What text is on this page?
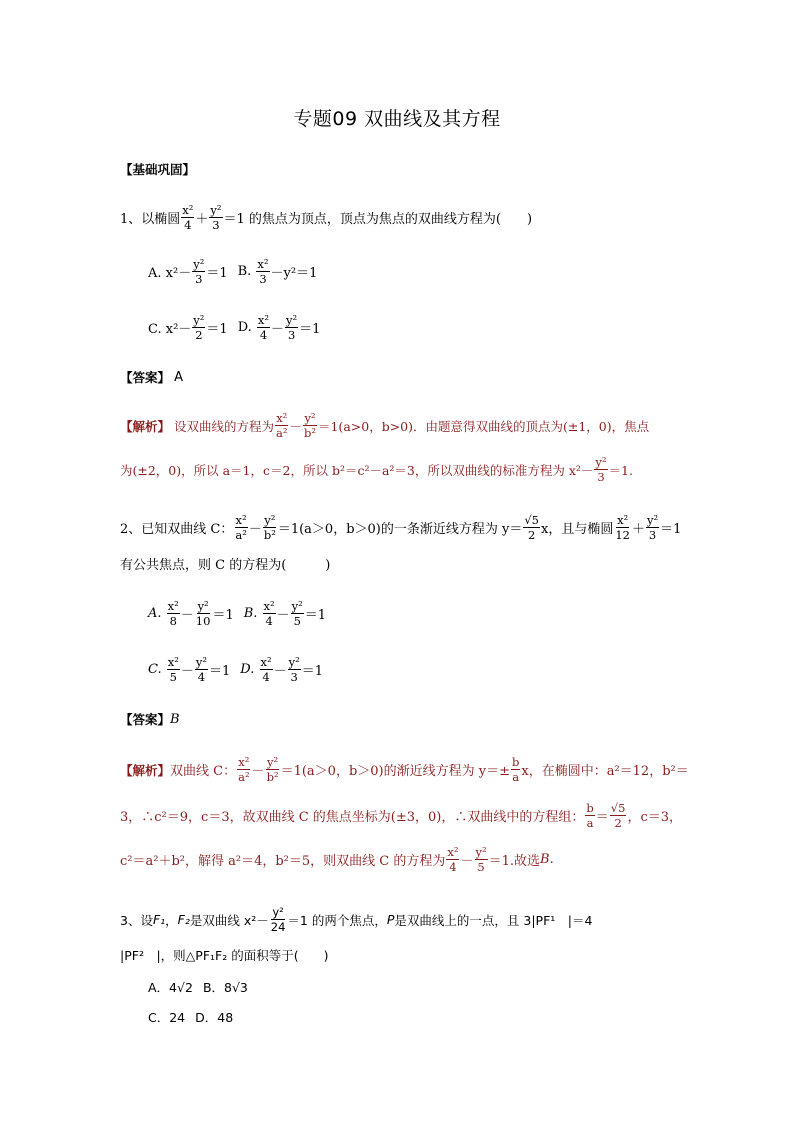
专题09 双曲线及其方程
【基础巩固】
1、以椭圆 $\frac{\text{x²}}{4} + \frac{\text{y²}}{3} =1$ 的焦点为顶点，顶点为焦点的双曲线方程为(　　)
A. $x^2- \frac{\text{y²}}{3} =1$ B.
$\frac{\text{x²}}{3} -y^2=1$
C. $x^2- \frac{\text{y²}}{2} =1$ D.
$\frac{\text{x²}}{4} - \frac{\text{y²}}{3} =1$
【答案】
A
【解析】
设双曲线的方程为 $\frac{\text{x²}}{\text{a²}} - \frac{\text{y²}}{\text{b²}} =1(a>0$，b>0)．由题意得双曲线的顶点为(±1，0)，焦点
为(±2，0)，所以 a＝1，c＝2，所以 b²＝c²－a²＝3，所以双曲线的标准方程为 $x^2- \frac{\text{y²}}{3} =1$.
2、已知双曲线 C： $\frac{\text{x²}}{\text{a²}} - \frac{\text{y²}}{\text{b²}} =1(a>0$，b＞0)的一条渐近线方程为 $y= \frac{√5}{2}$ x，且与椭圆 $\frac{\text{x²}}{12} + \frac{\text{y²}}{3} =1$
有公共焦点，则 C 的方程为(　　　)
A.
$\frac{\text{x²}}{8} - \frac{\text{y²}}{10} =1$ B.
$\frac{\text{x²}}{4} - \frac{\text{y²}}{5} =1$
C.
$\frac{\text{x²}}{5} - \frac{\text{y²}}{4} =1$ D.
$\frac{\text{x²}}{4} - \frac{\text{y²}}{3} =1$
【答案】 B
【解析】 双曲线 C： $\frac{\text{x²}}{\text{a²}} - \frac{\text{y²}}{\text{b²}} =1(a>0$，b＞0)的渐近线方程为 $y=\pm \frac{b}{a}$ x，在椭圆中：a²＝12，b²＝
3，∴c²＝9，c＝3，故双曲线 C 的焦点坐标为(±3，0)，∴双曲线中的方程组： $\frac{b}{a} = \frac{√5}{2}$ ，c＝3，
c²＝a²＋b²，解得 a²＝4，b²＝5，则双曲线 C 的方程为 $\frac{\text{x²}}{4} - \frac{\text{y²}}{5} =1$.故选 B.
3、设 F₁ ， F₂ 是双曲线 $x^2- \frac{\text{y²}}{24} =1$ 的两个焦点， P 是双曲线上的一点，且 3|PF¹　|＝4
|PF²　|，则△PF₁F₂ 的面积等于(　　)
A．4√2 B．8√3
C．24 D．48
